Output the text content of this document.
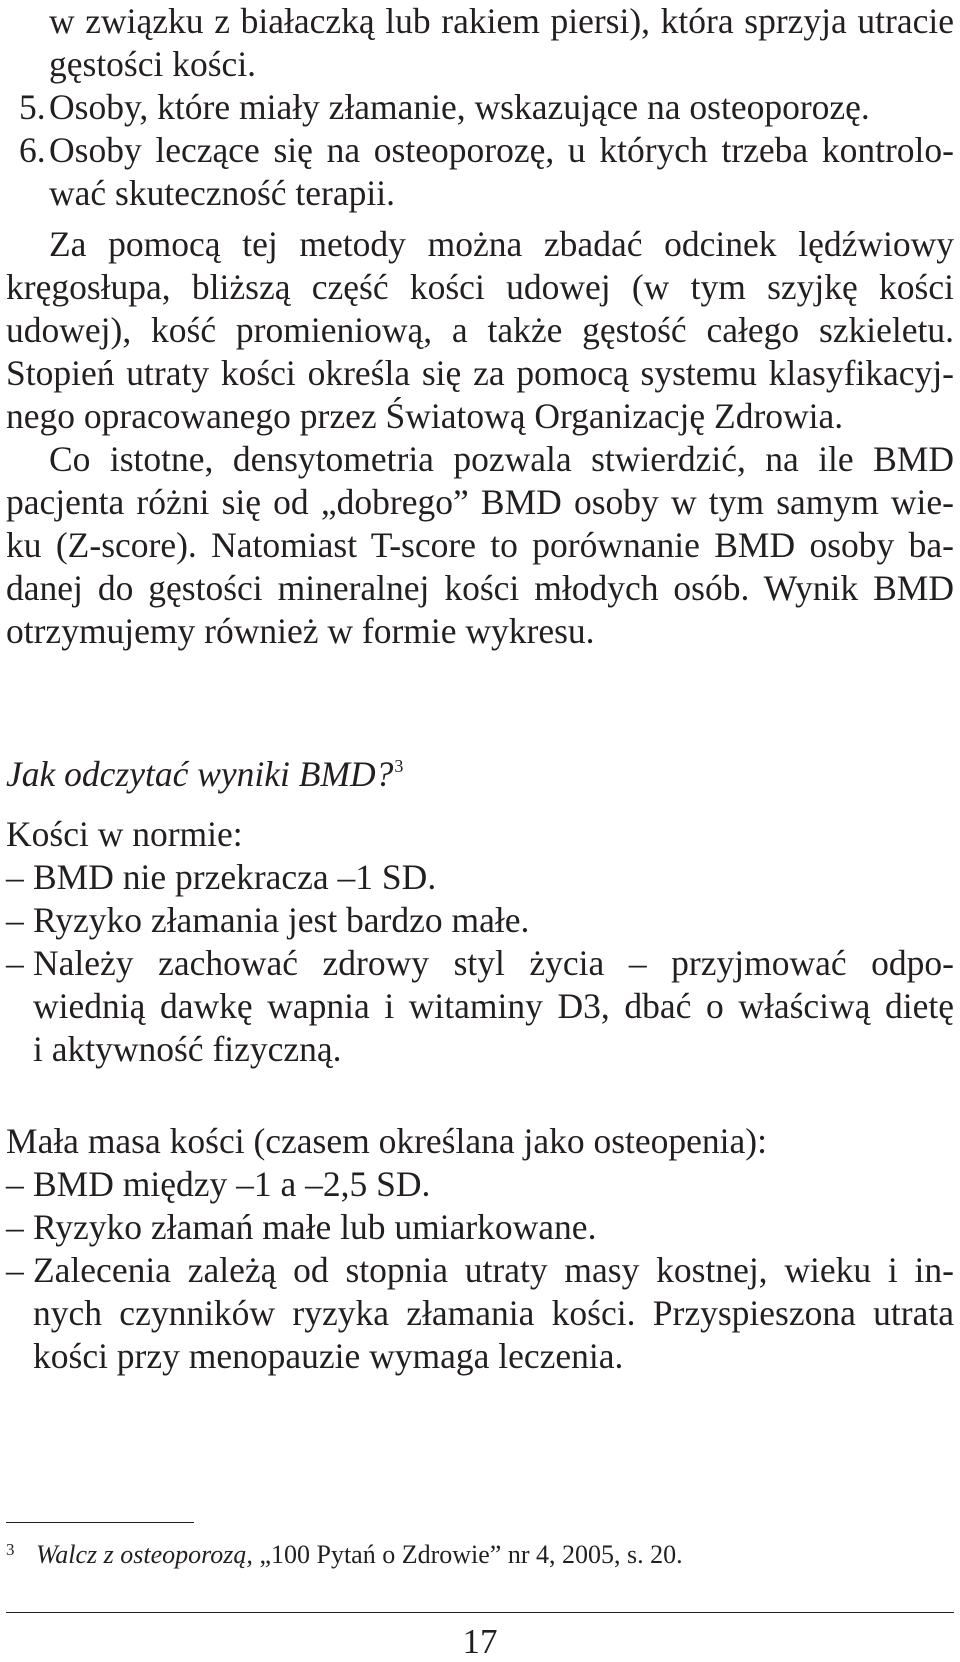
w związku z białaczką lub rakiem piersi), która sprzyja utracie
gęstości kości.
5.Osoby, które miały złamanie, wskazujące na osteoporozę.
6.Osoby leczące się na osteoporozę, u których trzeba kontrolo-
wać skuteczność terapii.
Za pomocą tej metody można zbadać odcinek lędźwiowy
kręgosłupa, bliższą część kości udowej (w tym szyjkę kości
udowej), kość promieniową, a także gęstość całego szkieletu.
Stopień utraty kości określa się za pomocą systemu klasyfikacyj-
nego opracowanego przez Światową Organizację Zdrowia.
Co istotne, densytometria pozwala stwierdzić, na ile BMD
pacjenta różni się od „dobrego” BMD osoby w tym samym wie-
ku (Z-score). Natomiast T-score to porównanie BMD osoby ba-
danej do gęstości mineralnej kości młodych osób. Wynik BMD
otrzymujemy również w formie wykresu.
Jak odczytać wyniki BMD?$^3$
Kości w normie:
– BMD nie przekracza –1 SD.
– Ryzyko złamania jest bardzo małe.
– Należy zachować zdrowy styl życia – przyjmować odpo-
wiednią dawkę wapnia i witaminy D3, dbać o właściwą dietę
i aktywność fizyczną.
Mała masa kości (czasem określana jako osteopenia):
– BMD między –1 a –2,5 SD.
– Ryzyko złamań małe lub umiarkowane.
– Zalecenia zależą od stopnia utraty masy kostnej, wieku i in-
nych czynników ryzyka złamania kości. Przyspieszona utrata
kości przy menopauzie wymaga leczenia.
3 Walcz z osteoporozą, „100 Pytań o Zdrowie” nr 4, 2005, s. 20.
17
